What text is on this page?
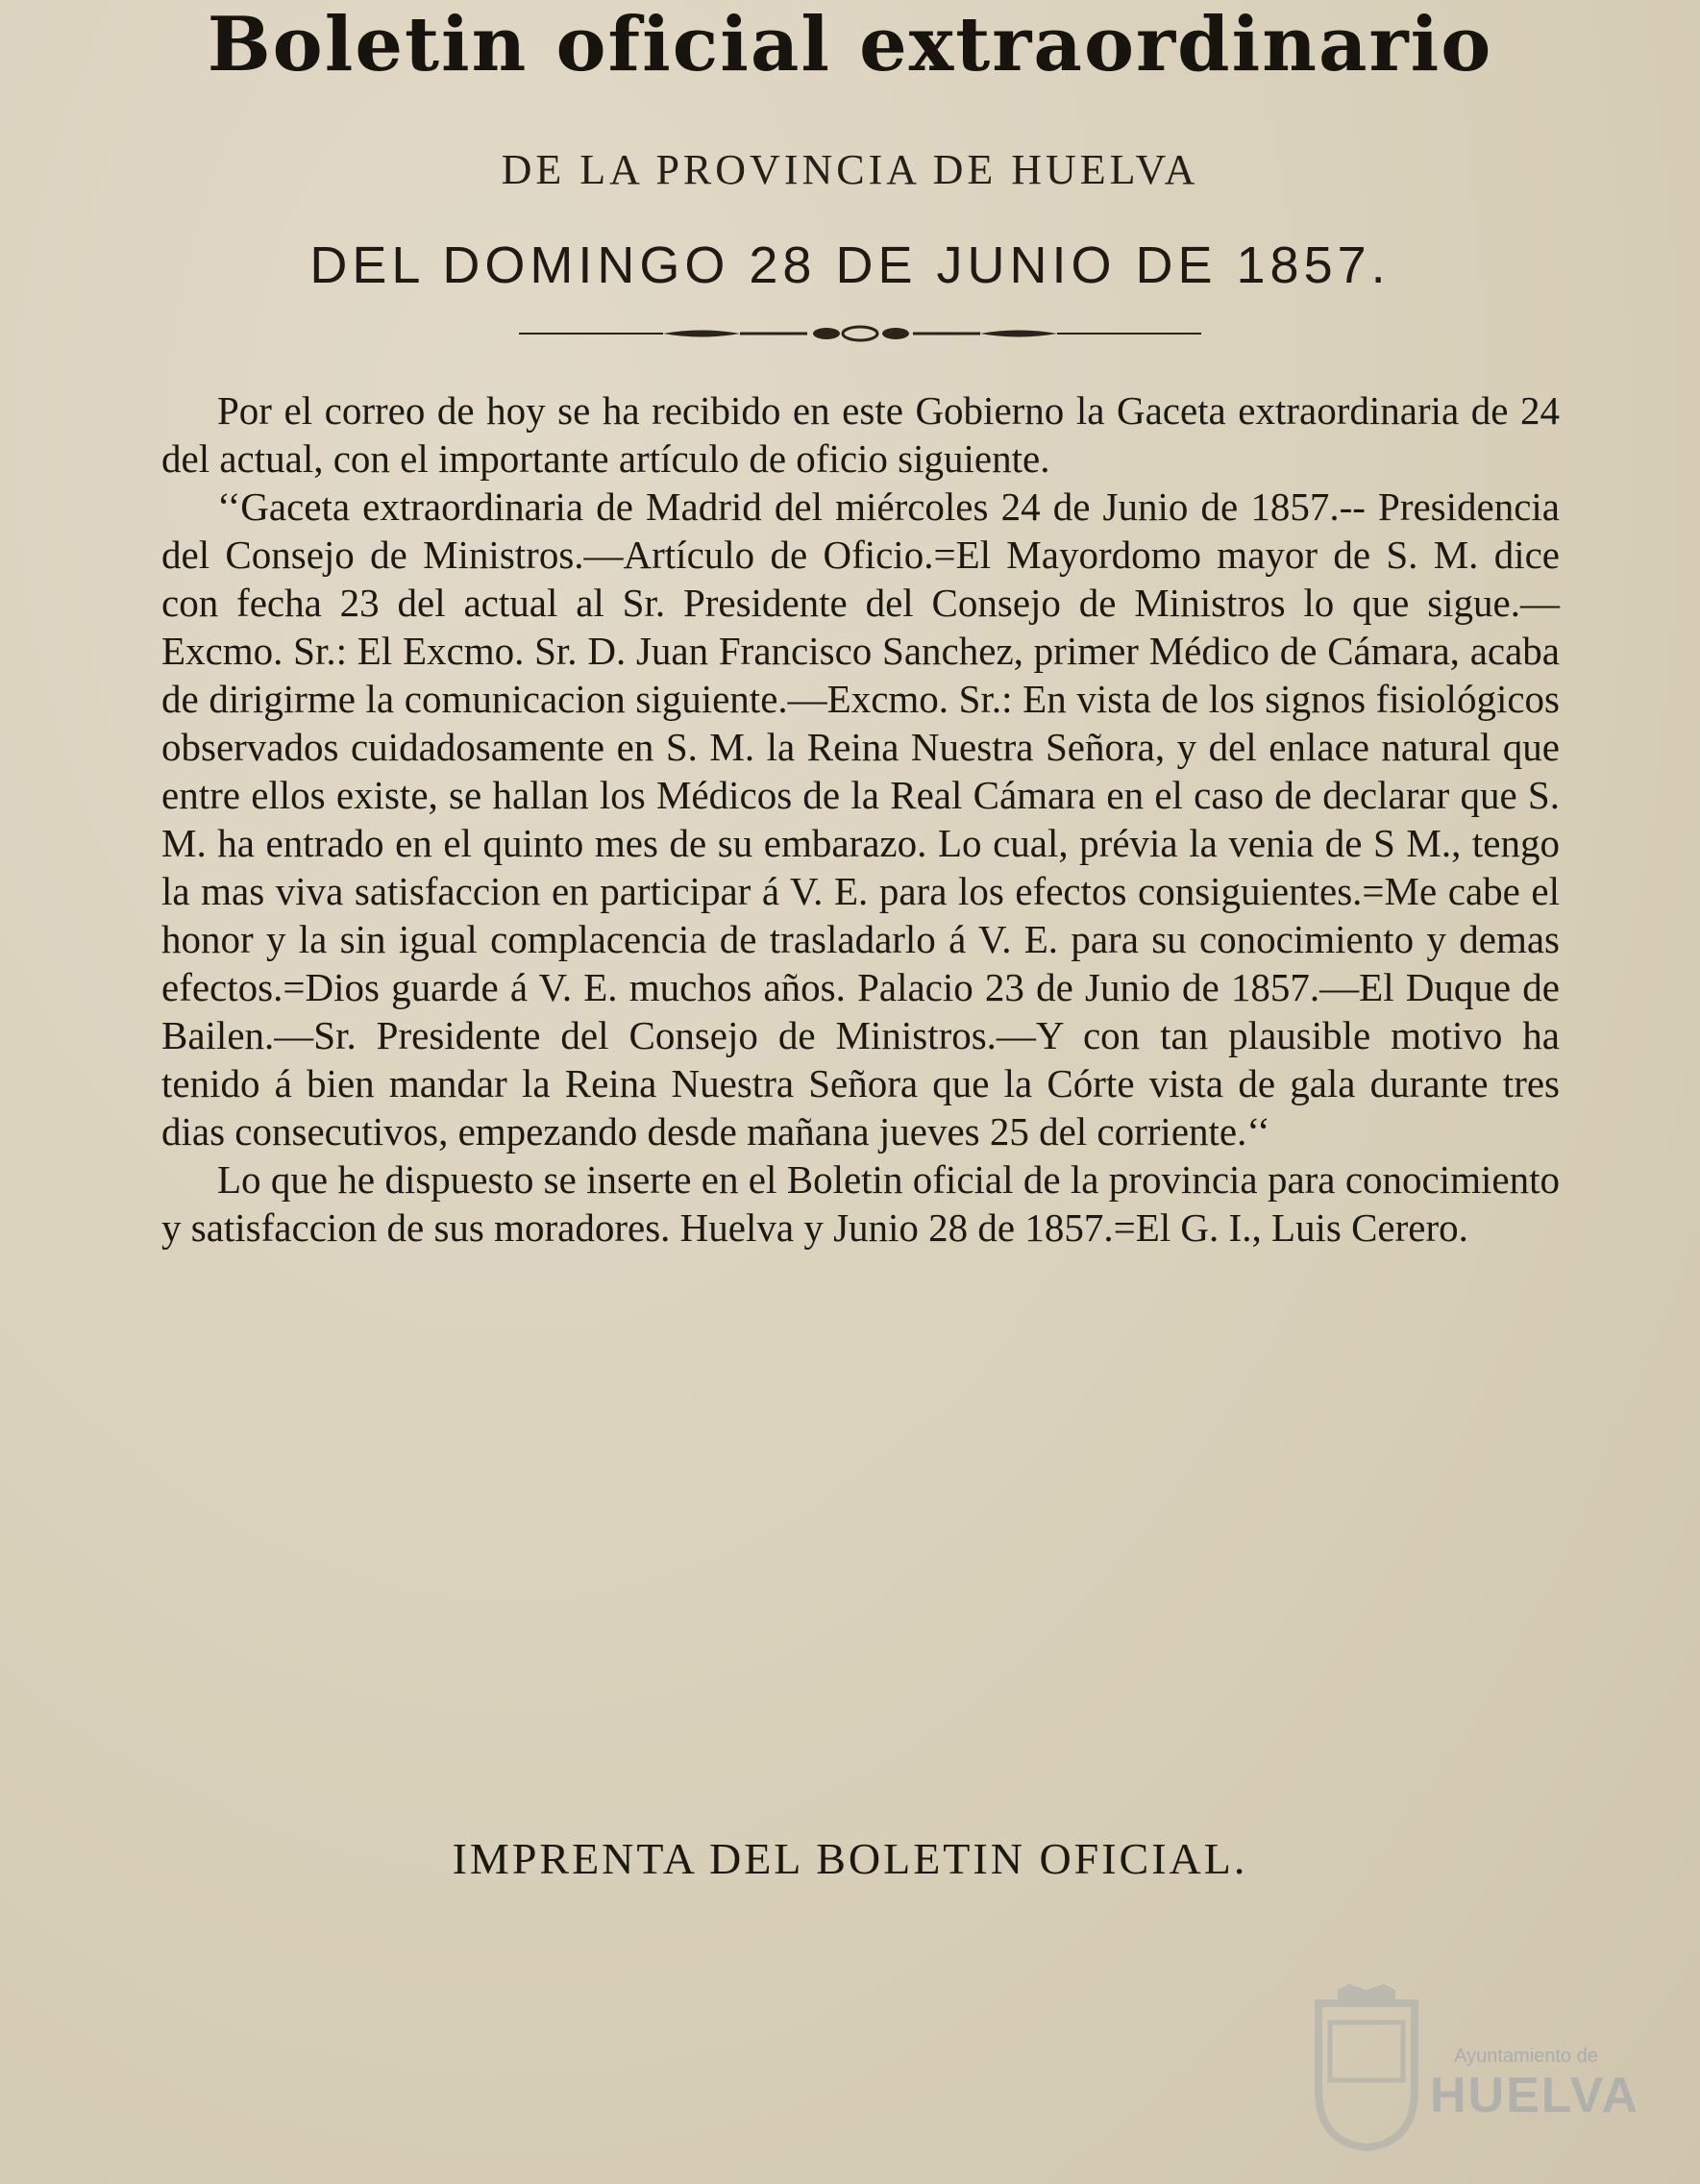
Boletin oficial extraordinario
DE LA PROVINCIA DE HUELVA
DEL DOMINGO 28 DE JUNIO DE 1857.

Por el correo de hoy se ha recibido en este Gobierno la Gaceta extraordinaria de 24 del actual, con el importante artículo de oficio siguiente.

‘‘Gaceta extraordinaria de Madrid del miércoles 24 de Junio de 1857.-- Presidencia del Consejo de Ministros.—Artículo de Oficio.=El Mayordomo mayor de S. M. dice con fecha 23 del actual al Sr. Presidente del Consejo de Ministros lo que sigue.—Excmo. Sr.: El Excmo. Sr. D. Juan Francisco Sanchez, primer Médico de Cámara, acaba de dirigirme la comunicacion siguiente.—Excmo. Sr.: En vista de los signos fisiológicos observados cuidadosamente en S. M. la Reina Nuestra Señora, y del enlace natural que entre ellos existe, se hallan los Médicos de la Real Cámara en el caso de declarar que S. M. ha entrado en el quinto mes de su embarazo. Lo cual, prévia la venia de S M., tengo la mas viva satisfaccion en participar á V. E. para los efectos consiguientes.=Me cabe el honor y la sin igual complacencia de trasladarlo á V. E. para su conocimiento y demas efectos.=Dios guarde á V. E. muchos años. Palacio 23 de Junio de 1857.—El Duque de Bailen.—Sr. Presidente del Consejo de Ministros.—Y con tan plausible motivo ha tenido á bien mandar la Reina Nuestra Señora que la Córte vista de gala durante tres dias consecutivos, empezando desde mañana jueves 25 del corriente.‘‘

Lo que he dispuesto se inserte en el Boletin oficial de la provincia para conocimiento y satisfaccion de sus moradores. Huelva y Junio 28 de 1857.=El G. I., Luis Cerero.

IMPRENTA DEL BOLETIN OFICIAL.
Ayuntamiento de
HUELVA
